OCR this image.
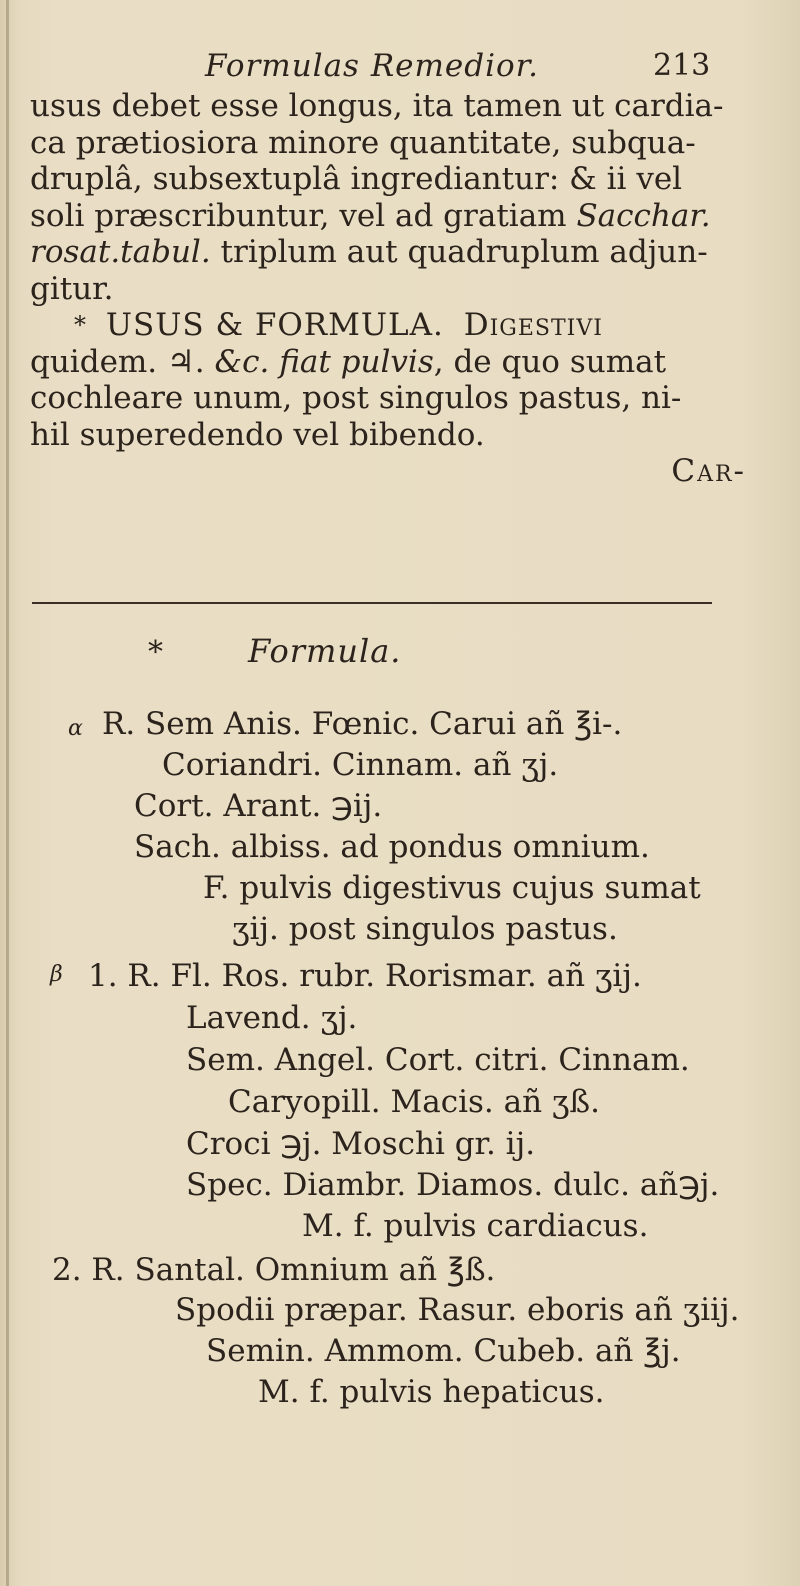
Formulas Remedior.	213
usus debet esse longus, ita tamen ut cardia-
ca prætiosiora minore quantitate, subqua-
druplâ, subsextuplâ ingrediantur: & ii vel
soli præscribuntur, vel ad gratiam Sacchar.
rosat.tabul. triplum aut quadruplum adjun-
gitur.
* USUS & FORMULA. Digestivi
quidem. ♃. &c. fiat pulvis, de quo sumat
cochleare unum, post singulos pastus, ni-
hil superedendo vel bibendo.
Car-
*	Formula.
α R. Sem Anis. Fœnic. Carui añ ℥i-.
Coriandri. Cinnam. añ ʒj.
Cort. Arant. ℈ij.
Sach. albiss. ad pondus omnium.
F. pulvis digestivus cujus sumat
ʒij. post singulos pastus.
β 1. R. Fl. Ros. rubr. Rorismar. añ ʒij.
Lavend. ʒj.
Sem. Angel. Cort. citri. Cinnam.
Caryopill. Macis. añ ʒß.
Croci ℈j. Moschi gr. ij.
Spec. Diambr. Diamos. dulc. añ℈j.
M. f. pulvis cardiacus.
2. R. Santal. Omnium añ ℥ß.
Spodii præpar. Rasur. eboris añ ʒiij.
Semin. Ammom. Cubeb. añ ℥j.
M. f. pulvis hepaticus.
